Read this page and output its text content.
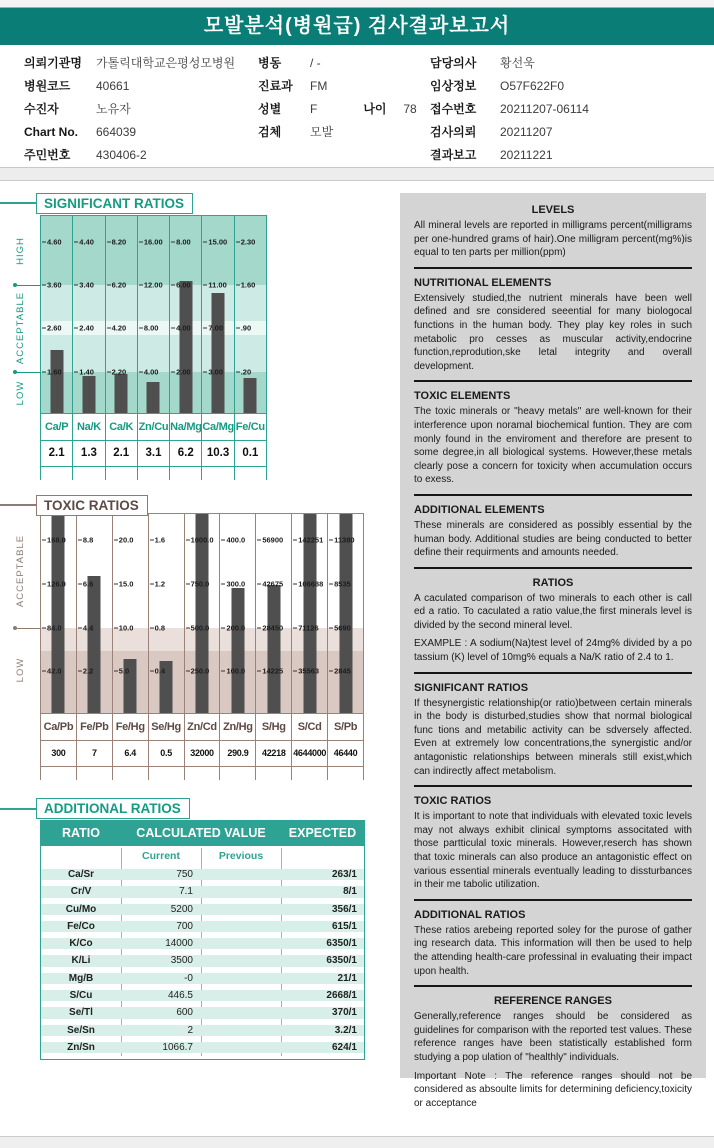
모발분석(병원급) 검사결과보고서
의뢰기관명	가톨릭대학교은평성모병원
병원코드	40661
수진자	노유자
Chart No.	664039
주민번호	430406-2
병동	/ -
진료과	FM
성별	F	나이	78
검체	모발
담당의사	황선욱
임상정보	O57F622F0
접수번호	20211207-06114
검사의뢰	20211207
결과보고	20211221
SIGNIFICANT RATIOS
4.60
3.60
2.60
1.60
4.40
3.40
2.40
1.40
8.20
6.20
4.20
2.20
16.00
12.00
8.00
4.00
8.00
6.00
4.00
2.00
15.00
11.00
7.00
3.00
2.30
1.60
.90
.20
HIGH
ACCEPTABLE
LOW
Ca/P Na/K Ca/K Zn/Cu Na/Mg Ca/Mg Fe/Cu
2.1	1.3	2.1	3.1	6.2	10.3	0.1
TOXIC RATIOS
168.0
126.0
84.0
42.0
8.8
6.6
4.4
2.2
20.0
15.0
10.0
5.0
1.6
1.2
0.8
0.4
1000.0
750.0
500.0
250.0
400.0
300.0
200.0
100.0
56900
42675
28450
14225
142251
106688
71126
35563
11380
8535
5690
2845
ACCEPTABLE
LOW
Ca/Pb Fe/Pb Fe/Hg Se/Hg Zn/Cd Zn/Hg S/Hg	S/Cd	S/Pb
300	7	6.4	0.5	32000	290.9	42218 4644000 46440
ADDITIONAL RATIOS
RATIO	CALCULATED VALUE	EXPECTED
Current	Previous
Ca/Sr	750	263/1
Cr/V	7.1	8/1
Cu/Mo	5200	356/1
Fe/Co	700	615/1
K/Co	14000	6350/1
K/Li	3500	6350/1
Mg/B	-0	21/1
S/Cu	446.5	2668/1
Se/Tl	600	370/1
Se/Sn	2	3.2/1
Zn/Sn	1066.7	624/1
LEVELS

All mineral levels are reported in milligrams percent(milligrams per one-hundred grams of hair).One milligram percent(mg%)is equal to ten parts per million(ppm)

NUTRITIONAL ELEMENTS

Extensively studied,the nutrient minerals have been well defined and sre considered seeential for many biologocal functions in the human body. They play key roles in such metabolic pro cesses as muscular activity,endocrine function,reprodution,ske letal integrity and overall development.

TOXIC ELEMENTS

The toxic minerals or "heavy metals" are well-known for their interference upon noramal biochemical funtion. They are com monly found in the enviroment and therefore are present to some degree,in all biological systems. However,these metals clearly pose a concern for toxicity when accumulation occurs to exess.

ADDITIONAL ELEMENTS

These minerals are considered as possibly essential by the human body. Additional studies are being conducted to better define their requirments and amounts needed.

RATIOS

A caculated comparison of two minerals to each other is call ed a ratio. To caculated a ratio value,the first minerals level is divided by the second mineral level.

EXAMPLE : A sodium(Na)test level of 24mg% divided by a po tassium (K) level of 10mg% equals a Na/K ratio of 2.4 to 1.

SIGNIFICANT RATIOS

If thesynergistic relationship(or ratio)between certain minerals in the body is disturbed,studies show that normal biological func tions and metabilic activity can be sdversely affected. Even at extremely low concentrations,the synergistic and/or antagonistic relationships between minerals still exist,which can indirectly affect metabolism.

TOXIC RATIOS

It is important to note that individuals with elevated toxic levels may not always exhibit clinical symptoms associtated with those partticulal toxic minerals. However,reserch has shown that toxic minerals can also produce an antagonistic effect on various essential minerals eventually leading to dissturbances in their me tabolic utilization.

ADDITIONAL RATIOS

These ratios arebeing reported soley for the purose of gather ing research data. This information will then be used to help the attending health-care professinal in evaluating their impact upon health.

REFERENCE RANGES

Generally,reference ranges should be considered as guidelines for comparison with the reported test values. These reference ranges have been statistically established form studying a pop ulation of "healthly" individuals.

Important Note : The reference ranges should not be considered as absoulte limits for determining deficiency,toxicity or acceptance
